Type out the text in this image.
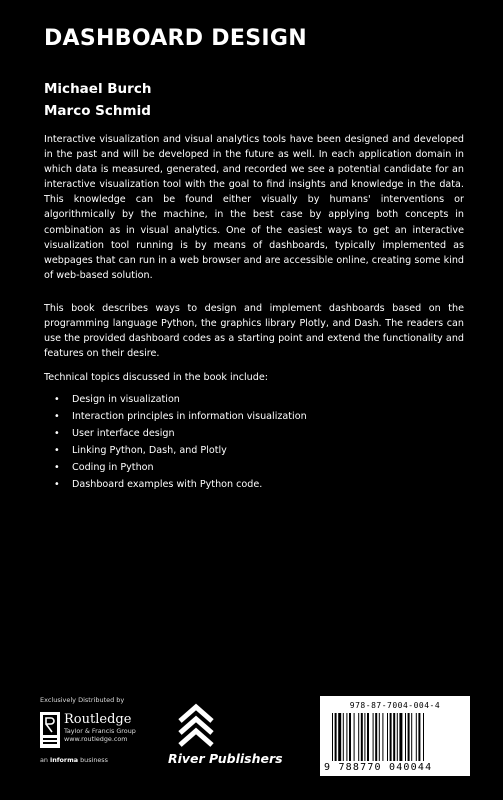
DASHBOARD DESIGN
Michael Burch
Marco Schmid

Interactive visualization and visual analytics tools have been designed and developed in the past and will be developed in the future as well. In each application domain in which data is measured, generated, and recorded we see a potential candidate for an interactive visualization tool with the goal to find insights and knowledge in the data. This knowledge can be found either visually by humans' interventions or algorithmically by the machine, in the best case by applying both concepts in combination as in visual analytics. One of the easiest ways to get an interactive visualization tool running is by means of dashboards, typically implemented as webpages that can run in a web browser and are accessible online, creating some kind of web-based solution.

This book describes ways to design and implement dashboards based on the programming language Python, the graphics library Plotly, and Dash. The readers can use the provided dashboard codes as a starting point and extend the functionality and features on their desire.

Technical topics discussed in the book include:

• Design in visualization
• Interaction principles in information visualization
• User interface design
• Linking Python, Dash, and Plotly
• Coding in Python
• Dashboard examples with Python code.
Exclusively Distributed by
Routledge
Taylor & Francis Group
www.routledge.com
an informa business	River Publishers
978-87-7004-004-4
9 788770 040044
